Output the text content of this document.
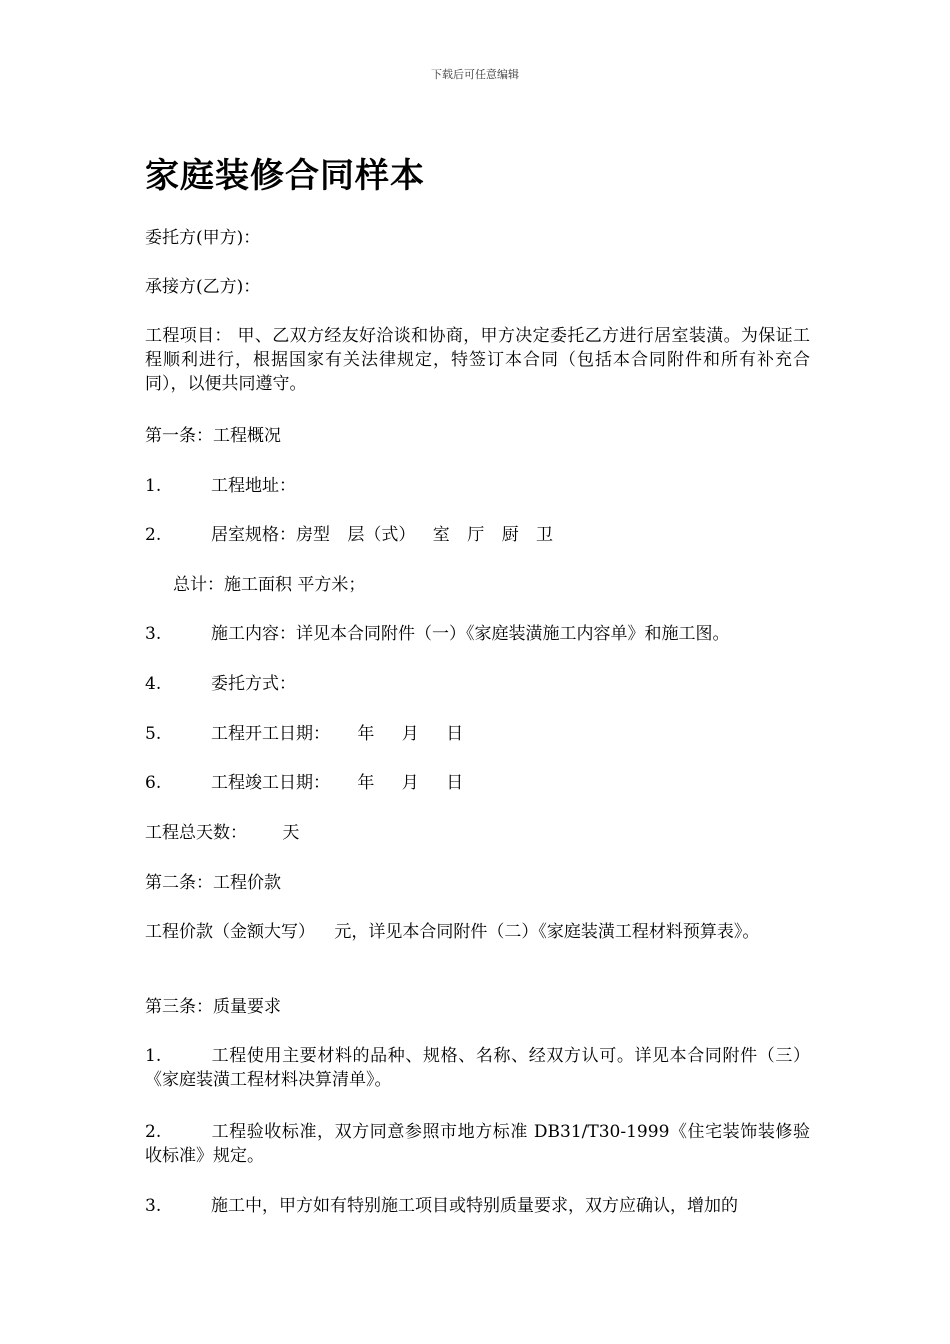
下载后可任意编辑
家庭装修合同样本

委托方(甲方)：

承接方(乙方)：

工程项目： 甲、乙双方经友好洽谈和协商，甲方决定委托乙方进行居室装潢。为保证工程顺利进行，根据国家有关法律规定，特签订本合同（包括本合同附件和所有补充合同），以便共同遵守。

第一条：工程概况

1.	工程地址：

2.	居室规格：房型 层（式） 室 厅 厨 卫

总计：施工面积 平方米；

3.	施工内容：详见本合同附件（一）《家庭装潢施工内容单》和施工图。

4.	委托方式：

5.	工程开工日期： 年 月 日

6.	工程竣工日期： 年 月 日

工程总天数： 天

第二条：工程价款

工程价款（金额大写） 元，详见本合同附件（二）《家庭装潢工程材料预算表》。

第三条：质量要求

1.	工程使用主要材料的品种、规格、名称、经双方认可。详见本合同附件（三）《家庭装潢工程材料决算清单》。

2.	工程验收标准，双方同意参照市地方标准 DB31/T30-1999《住宅装饰装修验收标准》规定。

3.	施工中，甲方如有特别施工项目或特别质量要求，双方应确认，增加的
